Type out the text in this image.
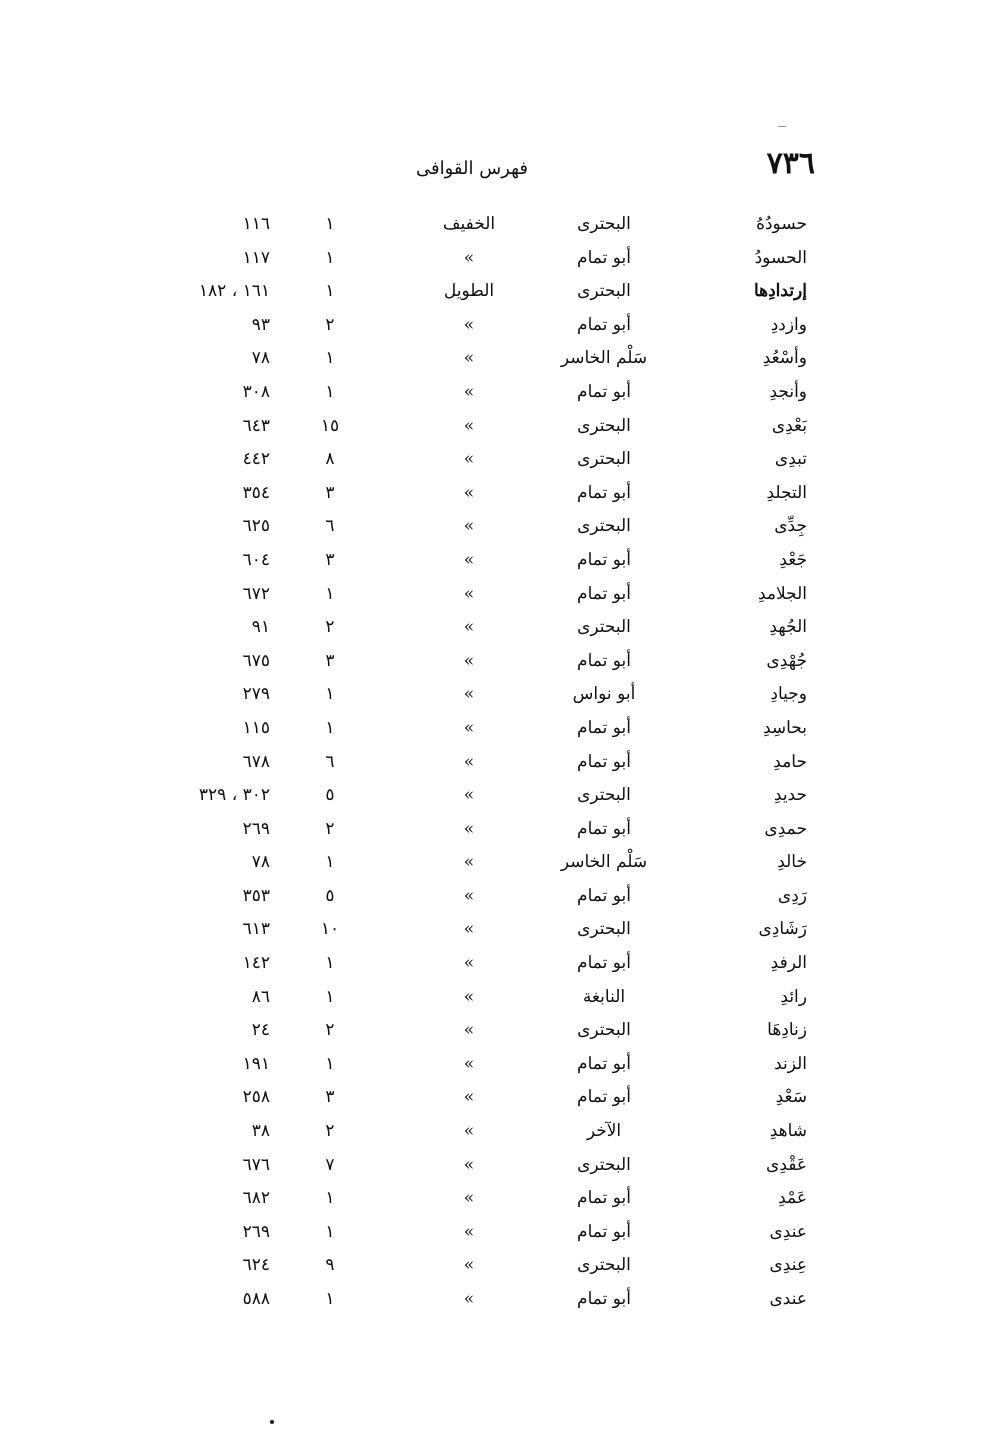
٧٣٦
فهرس القوافى
حسودُهُ
البحترى
الخفيف
١
١١٦
الحسودُ
أبو تمام
»
١
١١٧
إرتدادِها
البحترى
الطويل
١
١٦١ ، ١٨٢
وازددِ
أبو تمام
»
٢
٩٣
وأسْعُدِ
سَلْم الخاسر
»
١
٧٨
وأنجدِ
أبو تمام
»
١
٣٠٨
بَعْدِى
البحترى
»
١٥
٦٤٣
تبدِى
البحترى
»
٨
٤٤٢
التجلدِ
أبو تمام
»
٣
٣٥٤
جِدِّى
البحترى
»
٦
٦٢٥
جَعْدِ
أبو تمام
»
٣
٦٠٤
الجلامدِ
أبو تمام
»
١
٦٧٢
الجُهدِ
البحترى
»
٢
٩١
جُهْدِى
أبو تمام
»
٣
٦٧٥
وجيادِ
أبو نواس
»
١
٢٧٩
بحاسِدِ
أبو تمام
»
١
١١٥
حامدِ
أبو تمام
»
٦
٦٧٨
حديدِ
البحترى
»
٥
٣٠٢ ، ٣٢٩
حمدِى
أبو تمام
»
٢
٢٦٩
خالدِ
سَلْم الخاسر
»
١
٧٨
رَدِى
أبو تمام
»
٥
٣٥٣
رَشَادِى
البحترى
»
١٠
٦١٣
الرفدِ
أبو تمام
»
١
١٤٢
رائدِ
النابغة
»
١
٨٦
زنادِهَا
البحترى
»
٢
٢٤
الزند
أبو تمام
»
١
١٩١
سَعْدِ
أبو تمام
»
٣
٢٥٨
شاهدِ
الآخر
»
٢
٣٨
عَقْدِى
البحترى
»
٧
٦٧٦
عَمْدِ
أبو تمام
»
١
٦٨٢
عندِى
أبو تمام
»
١
٢٦٩
عِندِى
البحترى
»
٩
٦٢٤
عندى
أبو تمام
»
١
٥٨٨
